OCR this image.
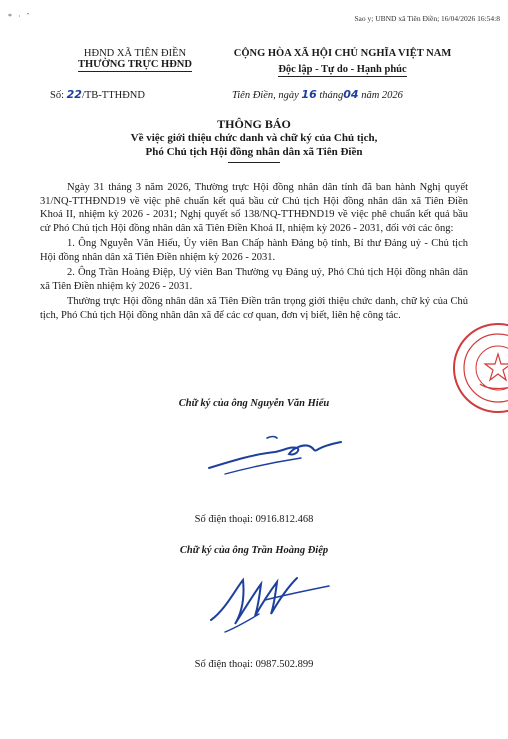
* · ˆ	Sao y; UBND xã Tiên Điền; 16/04/2026 16:54:8
HĐND XÃ TIÊN ĐIỀN
THƯỜNG TRỰC HĐND
CỘNG HÒA XÃ HỘI CHỦ NGHĨA VIỆT NAM
Độc lập - Tự do - Hạnh phúc
Số: 22/TB-TTHĐND	Tiên Điền, ngày 16 tháng04 năm 2026
THÔNG BÁO
Về việc giới thiệu chức danh và chữ ký của Chủ tịch,
Phó Chủ tịch Hội đồng nhân dân xã Tiên Điền

Ngày 31 tháng 3 năm 2026, Thường trực Hội đồng nhân dân tỉnh đã ban hành Nghị quyết 31/NQ-TTHĐND19 về việc phê chuẩn kết quả bầu cử Chủ tịch Hội đồng nhân dân xã Tiên Điền Khoá II, nhiệm kỳ 2026 - 2031; Nghị quyết số 138/NQ-TTHĐND19 về việc phê chuẩn kết quả bầu cử Phó Chủ tịch Hội đồng nhân dân xã Tiên Điền Khoá II, nhiệm kỳ 2026 - 2031, đối với các ông:

1. Ông Nguyễn Văn Hiếu, Ủy viên Ban Chấp hành Đảng bộ tỉnh, Bí thư Đảng uỷ - Chủ tịch Hội đồng nhân dân xã Tiên Điền nhiệm kỳ 2026 - 2031.

2. Ông Trần Hoàng Điệp, Uỷ viên Ban Thường vụ Đảng uỷ, Phó Chủ tịch Hội đồng nhân dân xã Tiên Điền nhiệm kỳ 2026 - 2031.

Thường trực Hội đồng nhân dân xã Tiên Điền trân trọng giới thiệu chức danh, chữ ký của Chủ tịch, Phó Chủ tịch Hội đồng nhân dân xã để các cơ quan, đơn vị biết, liên hệ công tác.

Chữ ký của ông Nguyễn Văn Hiếu
Số điện thoại: 0916.812.468
Chữ ký của ông Trần Hoàng Điệp
Số điện thoại: 0987.502.899
